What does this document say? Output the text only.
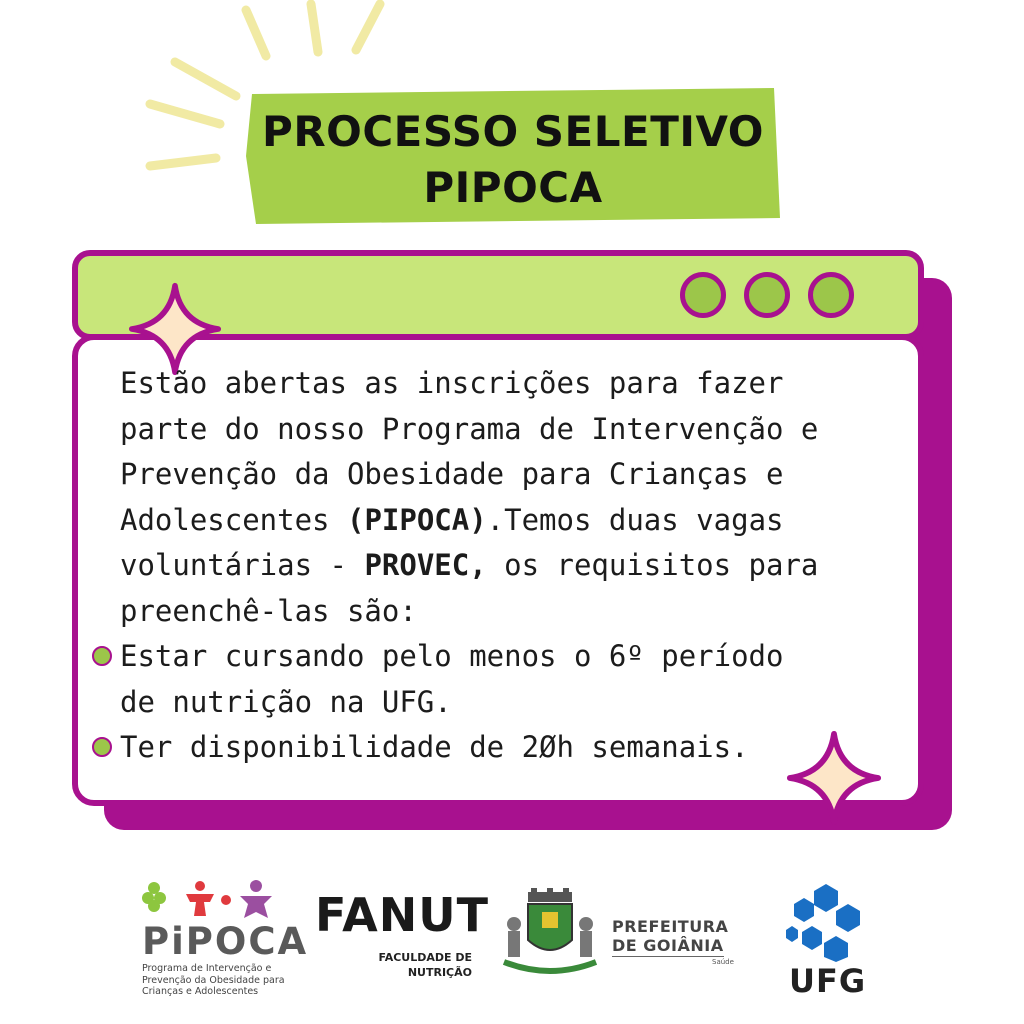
PROCESSO SELETIVO
PIPOCA

Estão abertas as inscrições para fazer

parte do nosso Programa de Intervenção e

Prevenção da Obesidade para Crianças e

Adolescentes (PIPOCA).Temos duas vagas

voluntárias - PROVEC, os requisitos para

preenchê-las são:

Estar cursando pelo menos o 6º período

de nutrição na UFG.

Ter disponibilidade de 2Øh semanais.

PiPOCA
Programa de Intervenção e
Prevenção da Obesidade para
Crianças e Adolescentes
FANUT
FACULDADE DE
NUTRIÇÃO
PREFEITURA
DE GOIÂNIA
Saúde UFG
